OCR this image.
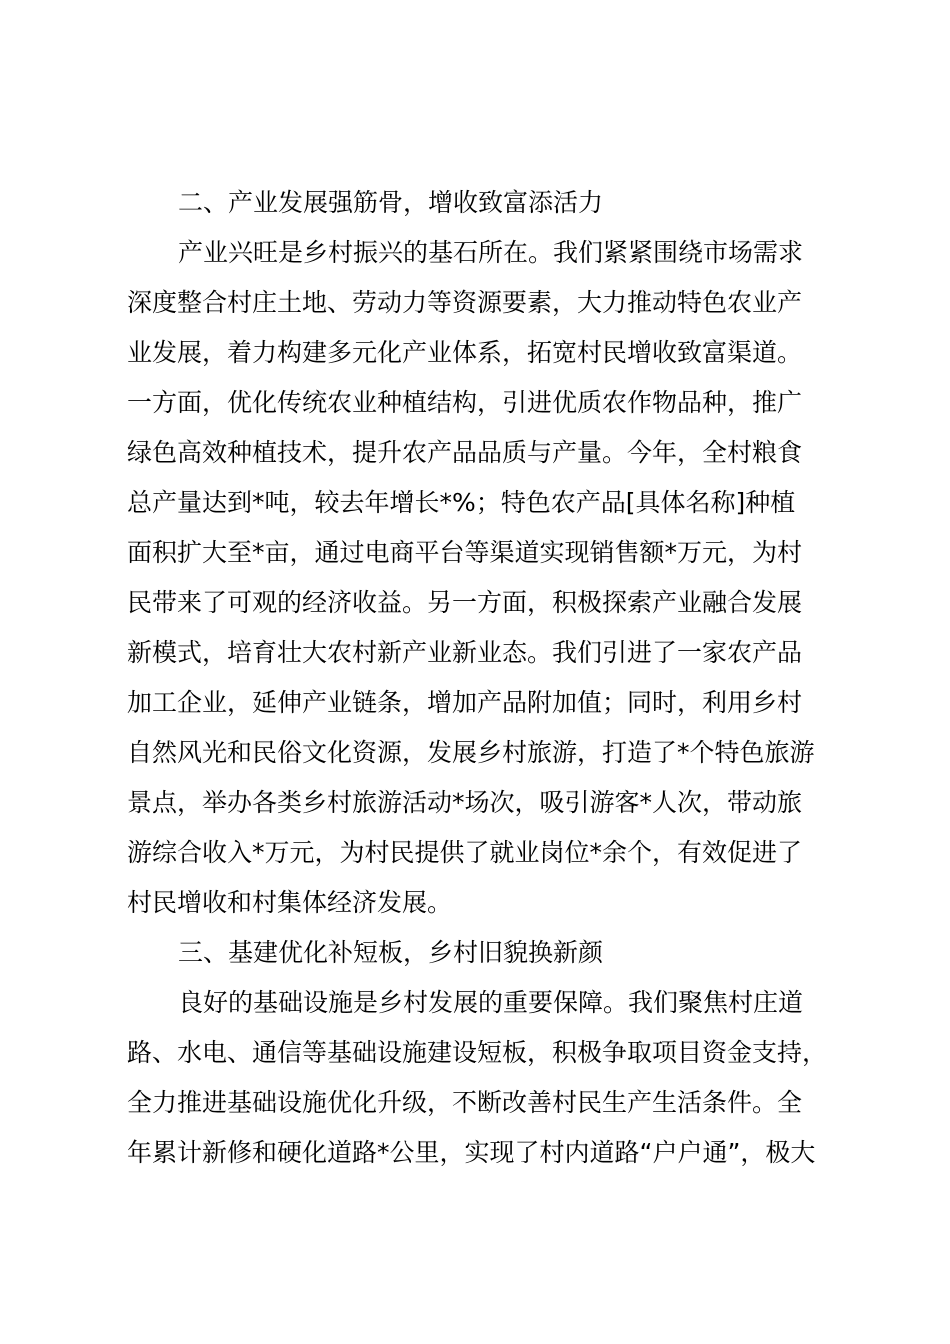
二、产业发展强筋骨，增收致富添活力
产业兴旺是乡村振兴的基石所在。我们紧紧围绕市场需求
深度整合村庄土地、劳动力等资源要素，大力推动特色农业产
业发展，着力构建多元化产业体系，拓宽村民增收致富渠道。
一方面，优化传统农业种植结构，引进优质农作物品种，推广
绿色高效种植技术，提升农产品品质与产量。今年，全村粮食
总产量达到*吨，较去年增长*%；特色农产品[具体名称]种植
面积扩大至*亩，通过电商平台等渠道实现销售额*万元，为村
民带来了可观的经济收益。另一方面，积极探索产业融合发展
新模式，培育壮大农村新产业新业态。我们引进了一家农产品
加工企业，延伸产业链条，增加产品附加值；同时，利用乡村
自然风光和民俗文化资源，发展乡村旅游，打造了*个特色旅游
景点，举办各类乡村旅游活动*场次，吸引游客*人次，带动旅
游综合收入*万元，为村民提供了就业岗位*余个，有效促进了
村民增收和村集体经济发展。
三、基建优化补短板，乡村旧貌换新颜
良好的基础设施是乡村发展的重要保障。我们聚焦村庄道
路、水电、通信等基础设施建设短板，积极争取项目资金支持，
全力推进基础设施优化升级，不断改善村民生产生活条件。全
年累计新修和硬化道路*公里，实现了村内道路“户户通”，极大
